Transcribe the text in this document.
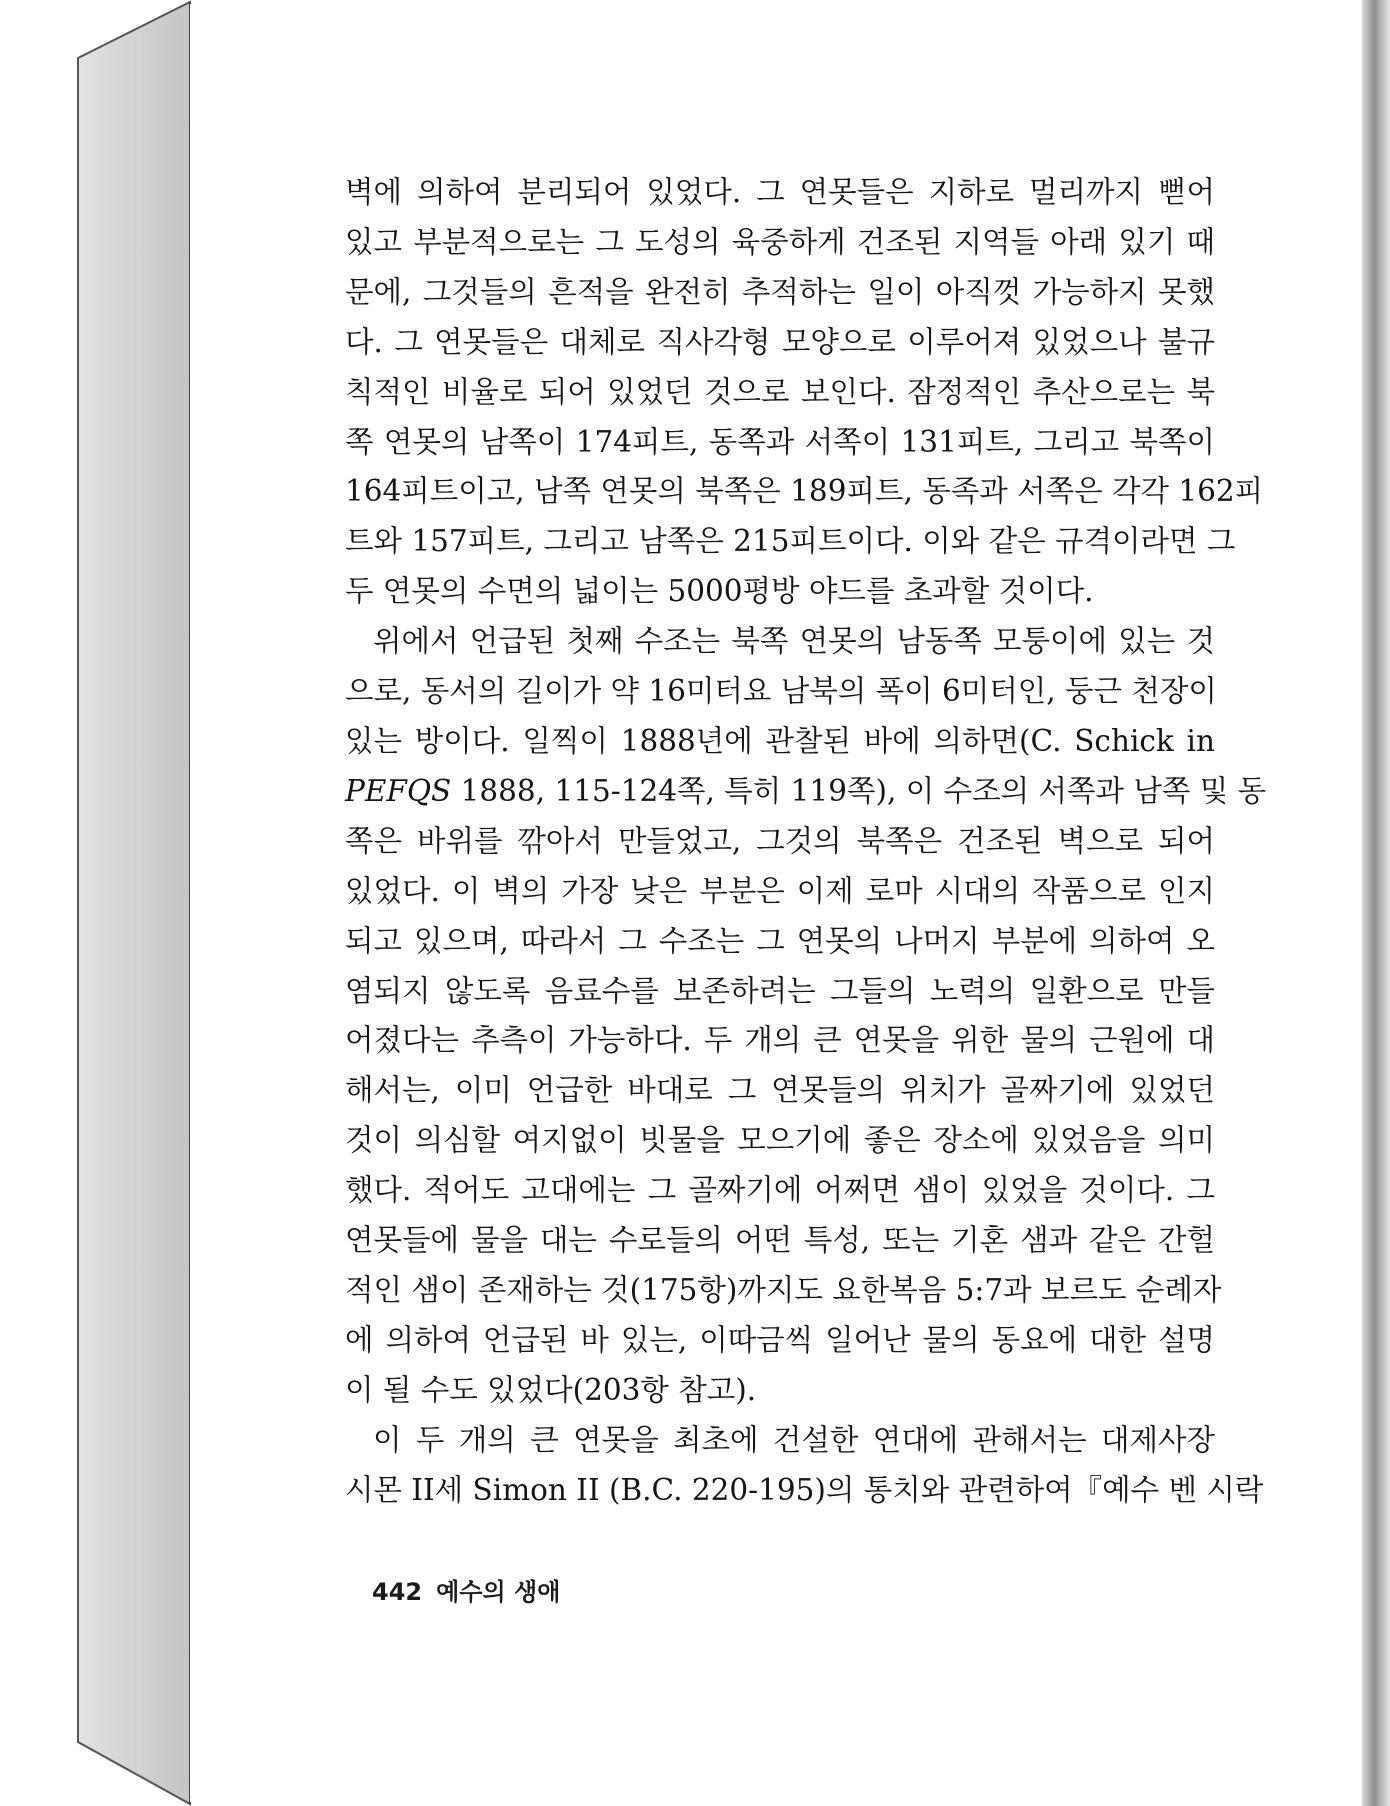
벽에 의하여 분리되어 있었다. 그 연못들은 지하로 멀리까지 뻗어
있고 부분적으로는 그 도성의 육중하게 건조된 지역들 아래 있기 때
문에, 그것들의 흔적을 완전히 추적하는 일이 아직껏 가능하지 못했
다. 그 연못들은 대체로 직사각형 모양으로 이루어져 있었으나 불규
칙적인 비율로 되어 있었던 것으로 보인다. 잠정적인 추산으로는 북
쪽 연못의 남쪽이 174피트, 동쪽과 서쪽이 131피트, 그리고 북쪽이
164피트이고, 남쪽 연못의 북쪽은 189피트, 동족과 서쪽은 각각 162피
트와 157피트, 그리고 남쪽은 215피트이다. 이와 같은 규격이라면 그
두 연못의 수면의 넓이는 5000평방 야드를 초과할 것이다.

위에서 언급된 첫째 수조는 북쪽 연못의 남동쪽 모퉁이에 있는 것
으로, 동서의 길이가 약 16미터요 남북의 폭이 6미터인, 둥근 천장이
있는 방이다. 일찍이 1888년에 관찰된 바에 의하면(C. Schick in
PEFQS 1888, 115-124쪽, 특히 119쪽), 이 수조의 서쪽과 남쪽 및 동
쪽은 바위를 깎아서 만들었고, 그것의 북쪽은 건조된 벽으로 되어
있었다. 이 벽의 가장 낮은 부분은 이제 로마 시대의 작품으로 인지
되고 있으며, 따라서 그 수조는 그 연못의 나머지 부분에 의하여 오
염되지 않도록 음료수를 보존하려는 그들의 노력의 일환으로 만들
어졌다는 추측이 가능하다. 두 개의 큰 연못을 위한 물의 근원에 대
해서는, 이미 언급한 바대로 그 연못들의 위치가 골짜기에 있었던
것이 의심할 여지없이 빗물을 모으기에 좋은 장소에 있었음을 의미
했다. 적어도 고대에는 그 골짜기에 어쩌면 샘이 있었을 것이다. 그
연못들에 물을 대는 수로들의 어떤 특성, 또는 기혼 샘과 같은 간헐
적인 샘이 존재하는 것(175항)까지도 요한복음 5:7과 보르도 순례자
에 의하여 언급된 바 있는, 이따금씩 일어난 물의 동요에 대한 설명
이 될 수도 있었다(203항 참고).

이 두 개의 큰 연못을 최초에 건설한 연대에 관해서는 대제사장
시몬 II세 Simon II (B.C. 220-195)의 통치와 관련하여『예수 벤 시락

442 예수의 생애
